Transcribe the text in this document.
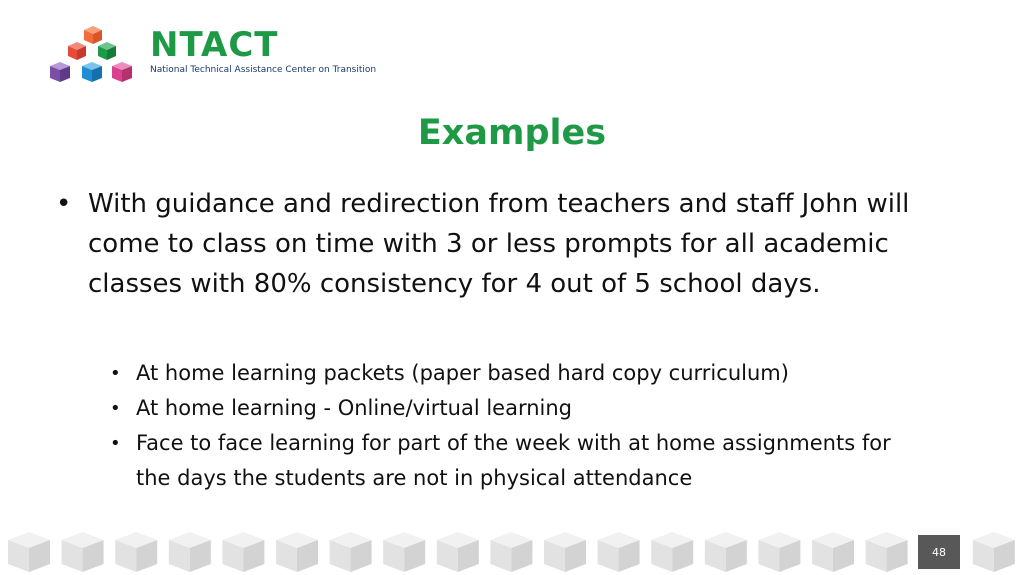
NTACT
National Technical Assistance Center on Transition
Examples
• With guidance and redirection from teachers and staff John will come to class on time with 3 or less prompts for all academic classes with 80% consistency for 4 out of 5 school days.
• At home learning packets (paper based hard copy curriculum)
• At home learning - Online/virtual learning
• Face to face learning for part of the week with at home assignments for the days the students are not in physical attendance
48
